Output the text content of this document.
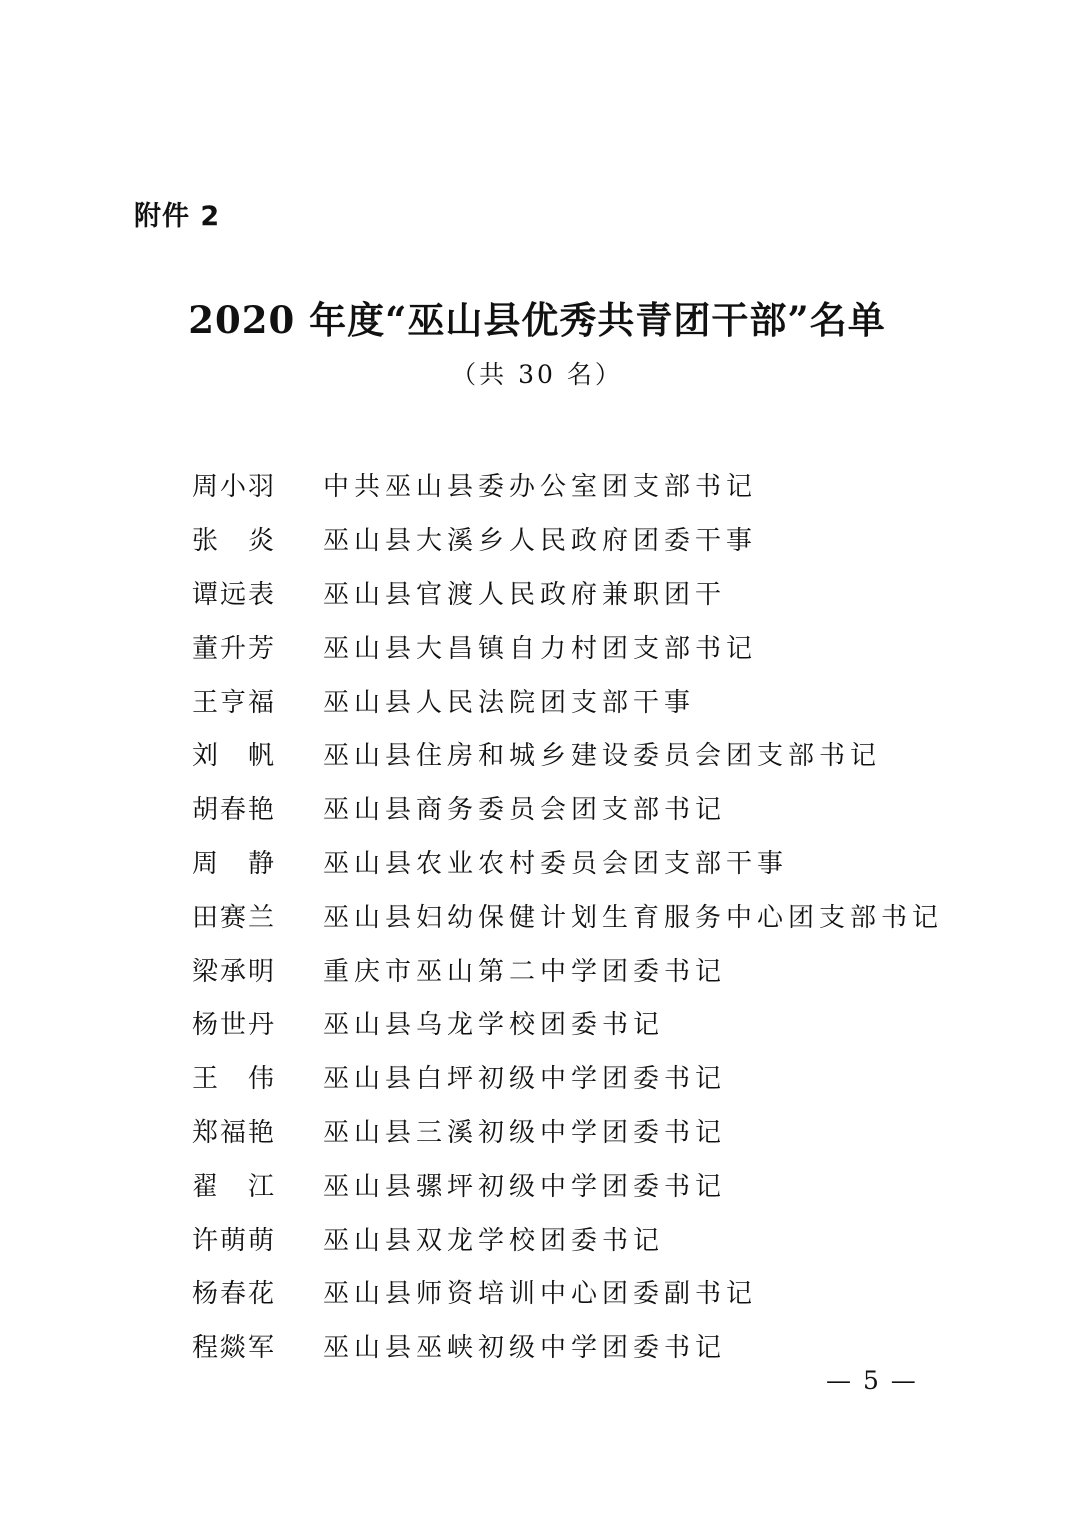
附件 2
2020 年度“巫山县优秀共青团干部”名单
（共 30 名）
周小羽	中共巫山县委办公室团支部书记
张　炎	巫山县大溪乡人民政府团委干事
谭远表	巫山县官渡人民政府兼职团干
董升芳	巫山县大昌镇自力村团支部书记
王亨福	巫山县人民法院团支部干事
刘　帆	巫山县住房和城乡建设委员会团支部书记
胡春艳	巫山县商务委员会团支部书记
周　静	巫山县农业农村委员会团支部干事
田赛兰	巫山县妇幼保健计划生育服务中心团支部书记
梁承明	重庆市巫山第二中学团委书记
杨世丹	巫山县乌龙学校团委书记
王　伟	巫山县白坪初级中学团委书记
郑福艳	巫山县三溪初级中学团委书记
翟　江	巫山县骡坪初级中学团委书记
许萌萌	巫山县双龙学校团委书记
杨春花	巫山县师资培训中心团委副书记
程燚军	巫山县巫峡初级中学团委书记
— 5 —
